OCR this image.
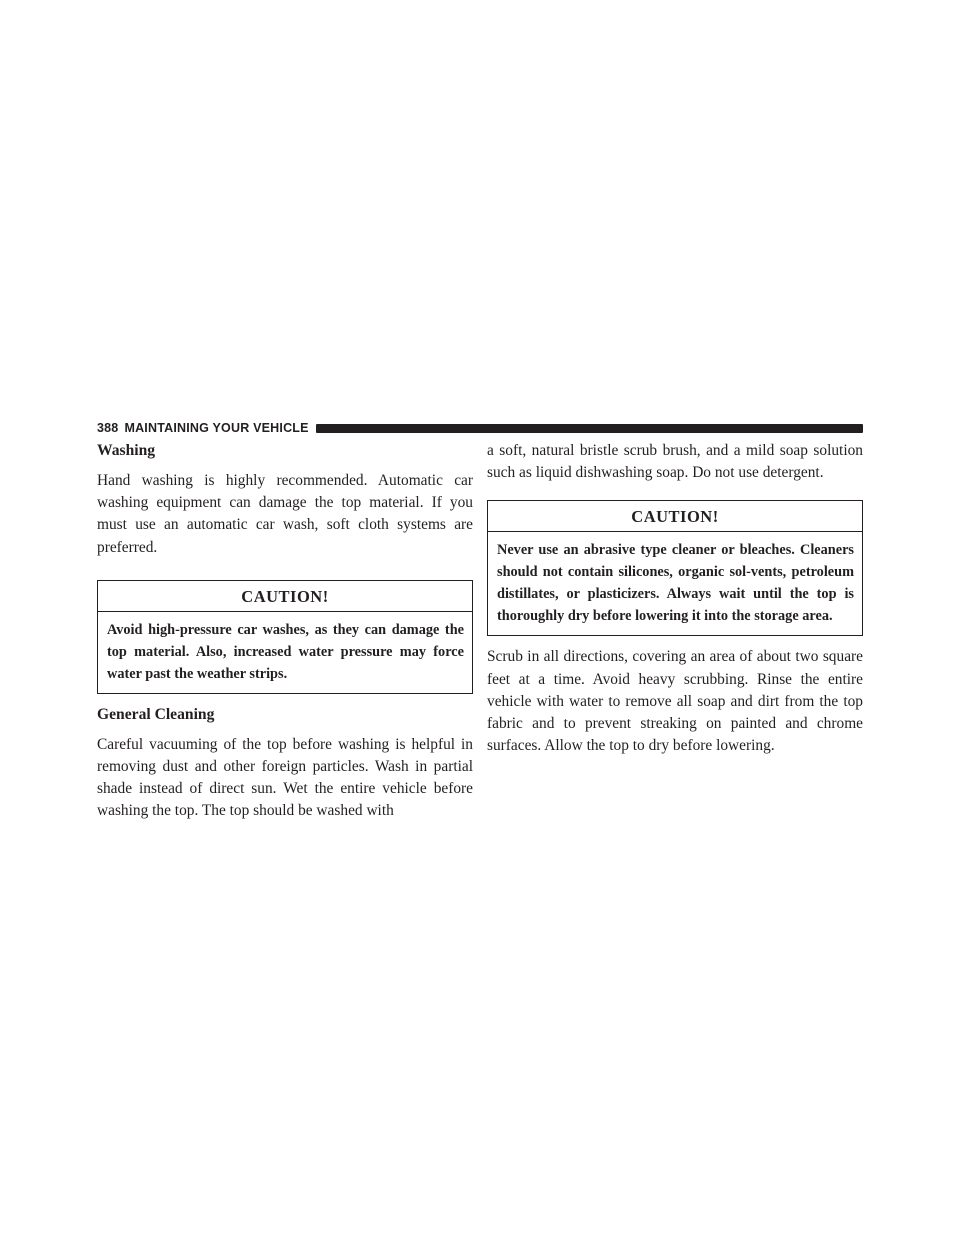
388 MAINTAINING YOUR VEHICLE
Washing

Hand washing is highly recommended. Automatic car washing equipment can damage the top material. If you must use an automatic car wash, soft cloth systems are preferred.

CAUTION!
Avoid high-pressure car washes, as they can damage the top material. Also, increased water pressure may force water past the weather strips.
General Cleaning

Careful vacuuming of the top before washing is helpful in removing dust and other foreign particles. Wash in partial shade instead of direct sun. Wet the entire vehicle before washing the top. The top should be washed with

a soft, natural bristle scrub brush, and a mild soap solution such as liquid dishwashing soap. Do not use detergent.

CAUTION!
Never use an abrasive type cleaner or bleaches. Cleaners should not contain silicones, organic sol-vents, petroleum distillates, or plasticizers. Always wait until the top is thoroughly dry before lowering it into the storage area.

Scrub in all directions, covering an area of about two square feet at a time. Avoid heavy scrubbing. Rinse the entire vehicle with water to remove all soap and dirt from the top fabric and to prevent streaking on painted and chrome surfaces. Allow the top to dry before lowering.
